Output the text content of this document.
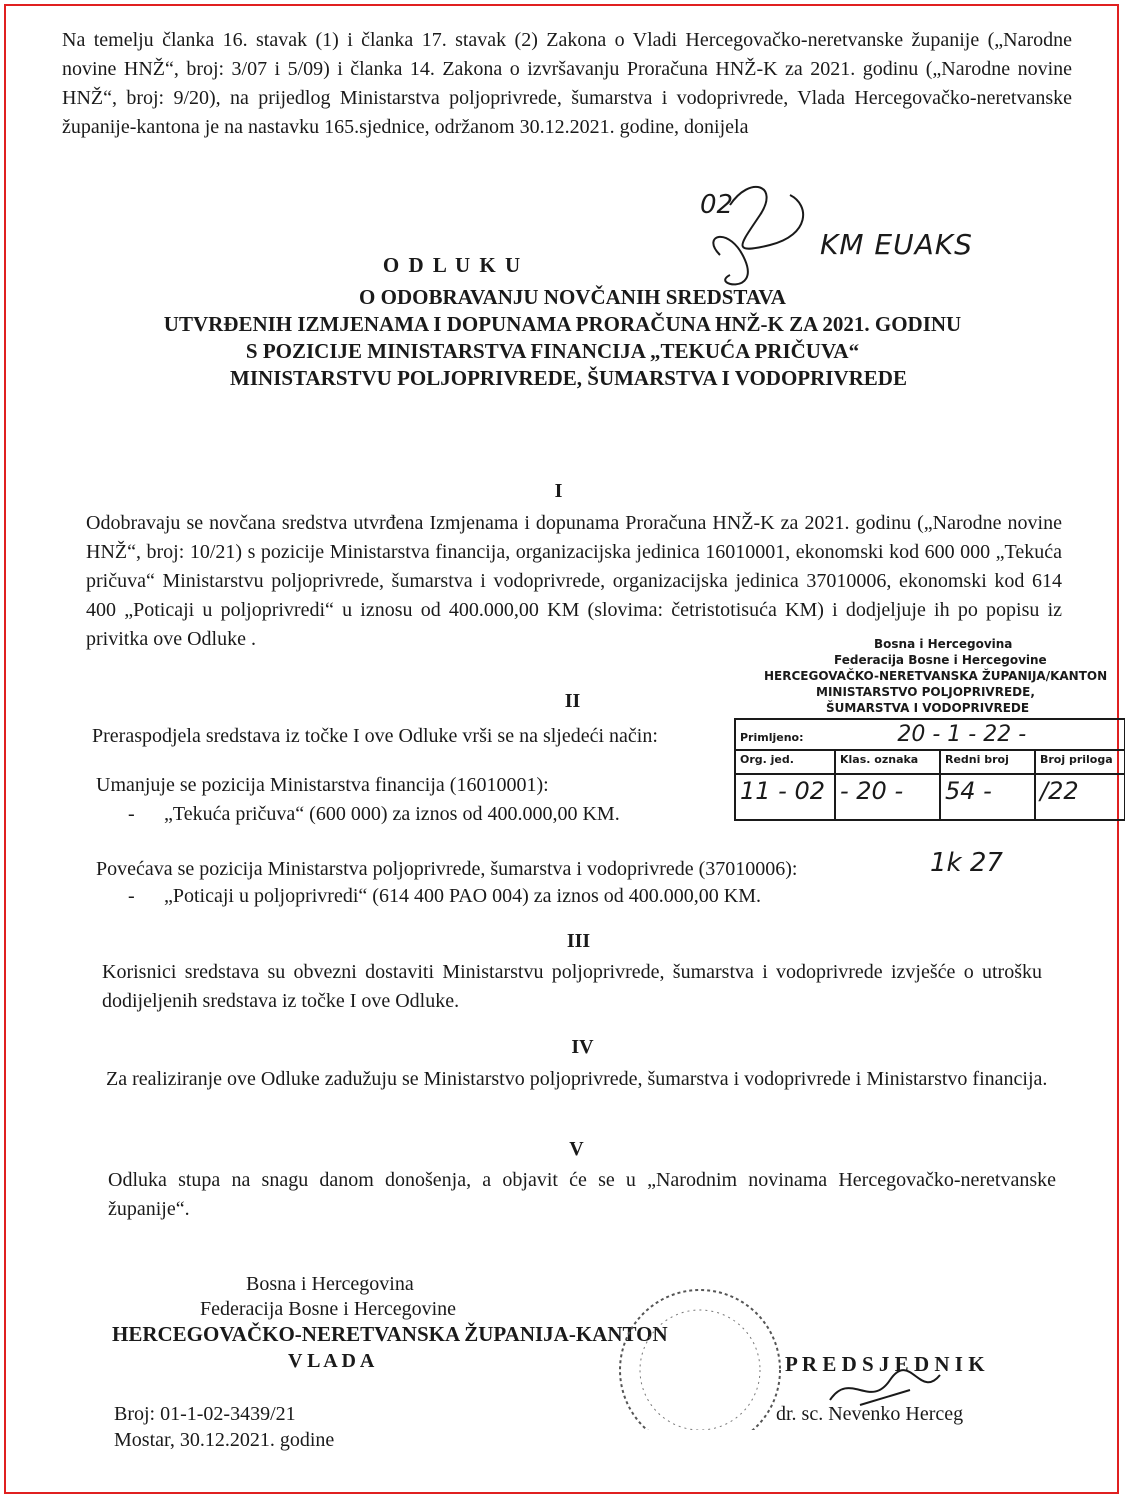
Na temelju članka 16. stavak (1) i članka 17. stavak (2) Zakona o Vladi Hercegovačko-neretvanske županije („Narodne novine HNŽ“, broj: 3/07 i 5/09) i članka 14. Zakona o izvršavanju Proračuna HNŽ-K za 2021. godinu („Narodne novine HNŽ“, broj: 9/20), na prijedlog Ministarstva poljoprivrede, šumarstva i vodoprivrede, Vlada Hercegovačko-neretvanske županije-kantona je na nastavku 165.sjednice, održanom 30.12.2021. godine, donijela
02
KM EUAKS
O D L U K U
O ODOBRAVANJU NOVČANIH SREDSTAVA
UTVRĐENIH IZMJENAMA I DOPUNAMA PRORAČUNA HNŽ-K ZA 2021. GODINU
S POZICIJE MINISTARSTVA FINANCIJA „TEKUĆA PRIČUVA“
MINISTARSTVU POLJOPRIVREDE, ŠUMARSTVA I VODOPRIVREDE
I
Odobravaju se novčana sredstva utvrđena Izmjenama i dopunama Proračuna HNŽ-K za 2021. godinu („Narodne novine HNŽ“, broj: 10/21) s pozicije Ministarstva financija, organizacijska jedinica 16010001, ekonomski kod 600 000 „Tekuća pričuva“ Ministarstvu poljoprivrede, šumarstva i vodoprivrede, organizacijska jedinica 37010006, ekonomski kod 614 400 „Poticaji u poljoprivredi“ u iznosu od 400.000,00 KM (slovima: četristotisuća KM) i dodjeljuje ih po popisu iz privitka ove Odluke .	Bosna i Hercegovina
Federacija Bosne i Hercegovine
HERCEGOVAČKO-NERETVANSKA ŽUPANIJA/KANTON
MINISTARSTVO POLJOPRIVREDE,
ŠUMARSTVA I VODOPRIVREDE
Primljeno: 20 - 1 - 22 -			
Org. jed.	Klas. oznaka	Redni broj	Broj priloga
11 - 02	- 20 -	54 -	/22
II
Preraspodjela sredstava iz točke I ove Odluke vrši se na sljedeći način:
Umanjuje se pozicija Ministarstva financija (16010001):
- „Tekuća pričuva“ (600 000) za iznos od 400.000,00 KM.
Povećava se pozicija Ministarstva poljoprivrede, šumarstva i vodoprivrede (37010006):	1k 27
- „Poticaji u poljoprivredi“ (614 400 PAO 004) za iznos od 400.000,00 KM.
III
Korisnici sredstava su obvezni dostaviti Ministarstvu poljoprivrede, šumarstva i vodoprivrede izvješće o utrošku dodijeljenih sredstava iz točke I ove Odluke.
IV
Za realiziranje ove Odluke zadužuju se Ministarstvo poljoprivrede, šumarstva i vodoprivrede i Ministarstvo financija.
V
Odluka stupa na snagu danom donošenja, a objavit će se u „Narodnim novinama Hercegovačko-neretvanske županije“.
Bosna i Hercegovina
Federacija Bosne i Hercegovine
HERCEGOVAČKO-NERETVANSKA ŽUPANIJA-KANTON
V L A D A
Broj: 01-1-02-3439/21
Mostar, 30.12.2021. godine
P R E D S J E D N I K
dr. sc. Nevenko Herceg
